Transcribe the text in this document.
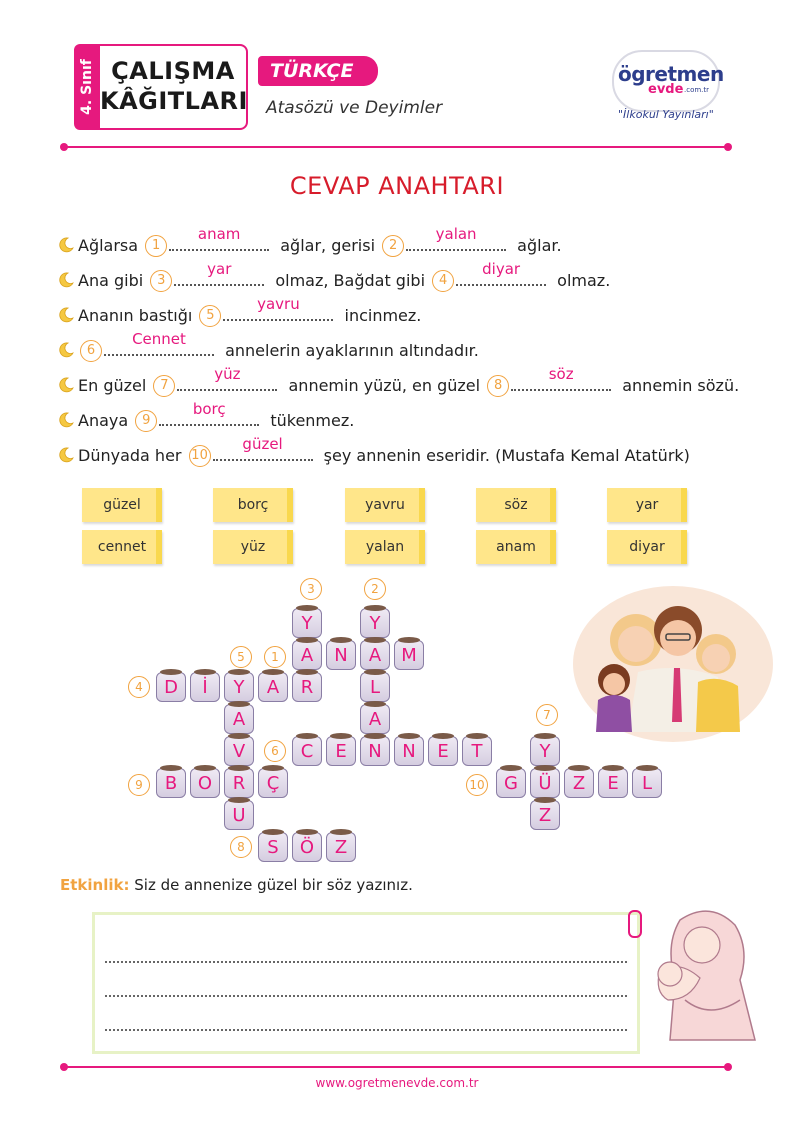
4. Sınıf ÇALIŞMA
KÂĞITLARI
TÜRKÇE
Atasözü ve Deyimler
ögretmen
evde .com.tr
"İlkokul Yayınları"
CEVAP ANAHTARI
Ağlarsa 1
anam
ağlar, gerisi 2
yalan
ağlar.
Ana gibi 3
yar
olmaz, Bağdat gibi 4
diyar
olmaz.
Ananın bastığı 5
yavru
incinmez.
6
Cennet
annelerin ayaklarının altındadır.
En güzel 7
yüz
annemin yüzü, en güzel 8
söz
annemin sözü.
Anaya 9
borç
tükenmez.
Dünyada her 10
güzel
şey annenin eseridir. (Mustafa Kemal Atatürk)
güzel	borç	yavru	söz	yar
cennet	yüz	yalan	anam	diyar
3	2
5	1
4
6
7
9	10
8
Y	Y
A	N	A	M
D	İ	Y	A	R	L
A	A
V	C	E	N	N	E	T	Y
B	O	R	Ç	G	Ü	Z	E	L
U	Z
S	Ö	Z
Etkinlik: Siz de annenize güzel bir söz yazınız.
www.ogretmenevde.com.tr
